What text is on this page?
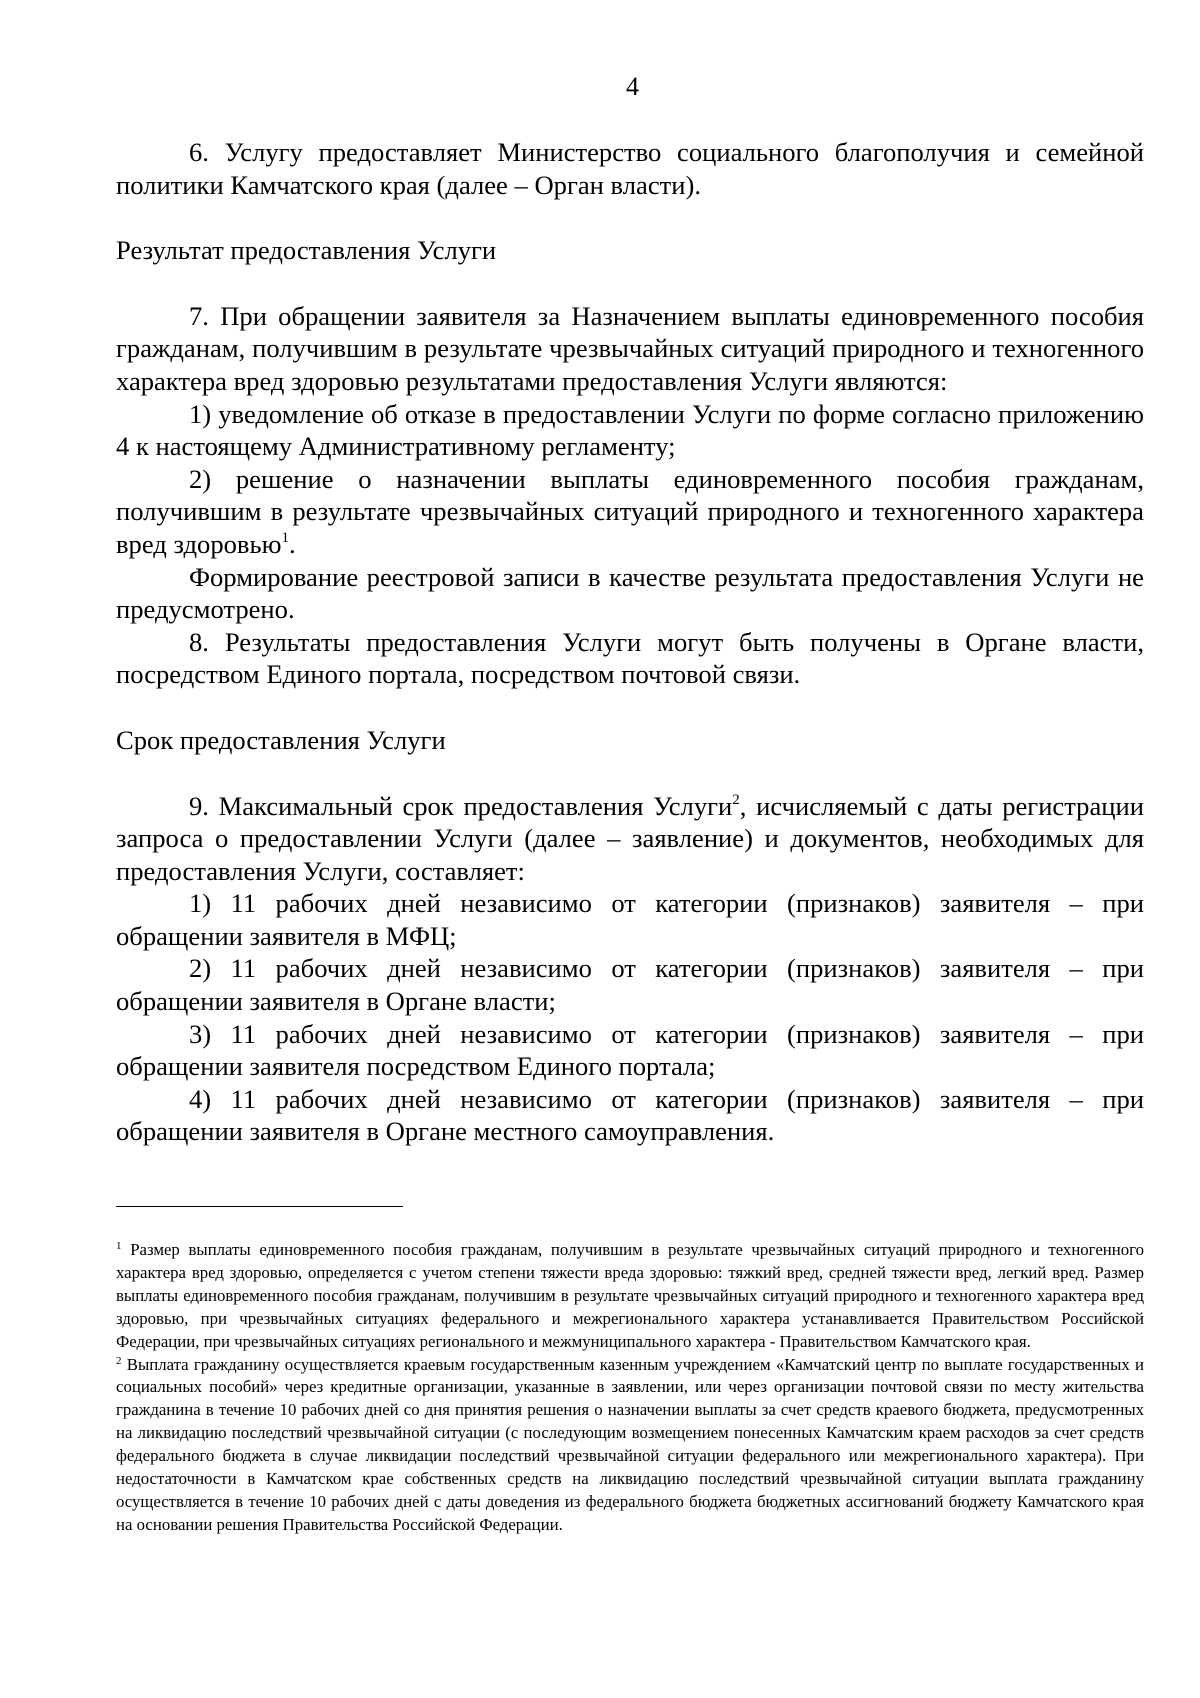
4

6. Услугу предоставляет Министерство социального благополучия и семейной политики Камчатского края (далее – Орган власти).

Результат предоставления Услуги

7. При обращении заявителя за Назначением выплаты единовременного пособия гражданам, получившим в результате чрезвычайных ситуаций природного и техногенного характера вред здоровью результатами предоставления Услуги являются:

1) уведомление об отказе в предоставлении Услуги по форме согласно приложению 4 к настоящему Административному регламенту;

2) решение о назначении выплаты единовременного пособия гражданам, получившим в результате чрезвычайных ситуаций природного и техногенного характера вред здоровью$^1$.

Формирование реестровой записи в качестве результата предоставления Услуги не предусмотрено.

8. Результаты предоставления Услуги могут быть получены в Органе власти, посредством Единого портала, посредством почтовой связи.

Срок предоставления Услуги

9. Максимальный срок предоставления Услуги$^2$, исчисляемый с даты регистрации запроса о предоставлении Услуги (далее – заявление) и документов, необходимых для предоставления Услуги, составляет:

1) 11 рабочих дней независимо от категории (признаков) заявителя – при обращении заявителя в МФЦ;

2) 11 рабочих дней независимо от категории (признаков) заявителя – при обращении заявителя в Органе власти;

3) 11 рабочих дней независимо от категории (признаков) заявителя – при обращении заявителя посредством Единого портала;

4) 11 рабочих дней независимо от категории (признаков) заявителя – при обращении заявителя в Органе местного самоуправления.

$^1$ Размер выплаты единовременного пособия гражданам, получившим в результате чрезвычайных ситуаций природного и техногенного характера вред здоровью, определяется с учетом степени тяжести вреда здоровью: тяжкий вред, средней тяжести вред, легкий вред. Размер выплаты единовременного пособия гражданам, получившим в результате чрезвычайных ситуаций природного и техногенного характера вред здоровью, при чрезвычайных ситуациях федерального и межрегионального характера устанавливается Правительством Российской Федерации, при чрезвычайных ситуациях регионального и межмуниципального характера - Правительством Камчатского края.

$^2$ Выплата гражданину осуществляется краевым государственным казенным учреждением «Камчатский центр по выплате государственных и социальных пособий» через кредитные организации, указанные в заявлении, или через организации почтовой связи по месту жительства гражданина в течение 10 рабочих дней со дня принятия решения о назначении выплаты за счет средств краевого бюджета, предусмотренных на ликвидацию последствий чрезвычайной ситуации (с последующим возмещением понесенных Камчатским краем расходов за счет средств федерального бюджета в случае ликвидации последствий чрезвычайной ситуации федерального или межрегионального характера). При недостаточности в Камчатском крае собственных средств на ликвидацию последствий чрезвычайной ситуации выплата гражданину осуществляется в течение 10 рабочих дней с даты доведения из федерального бюджета бюджетных ассигнований бюджету Камчатского края на основании решения Правительства Российской Федерации.
